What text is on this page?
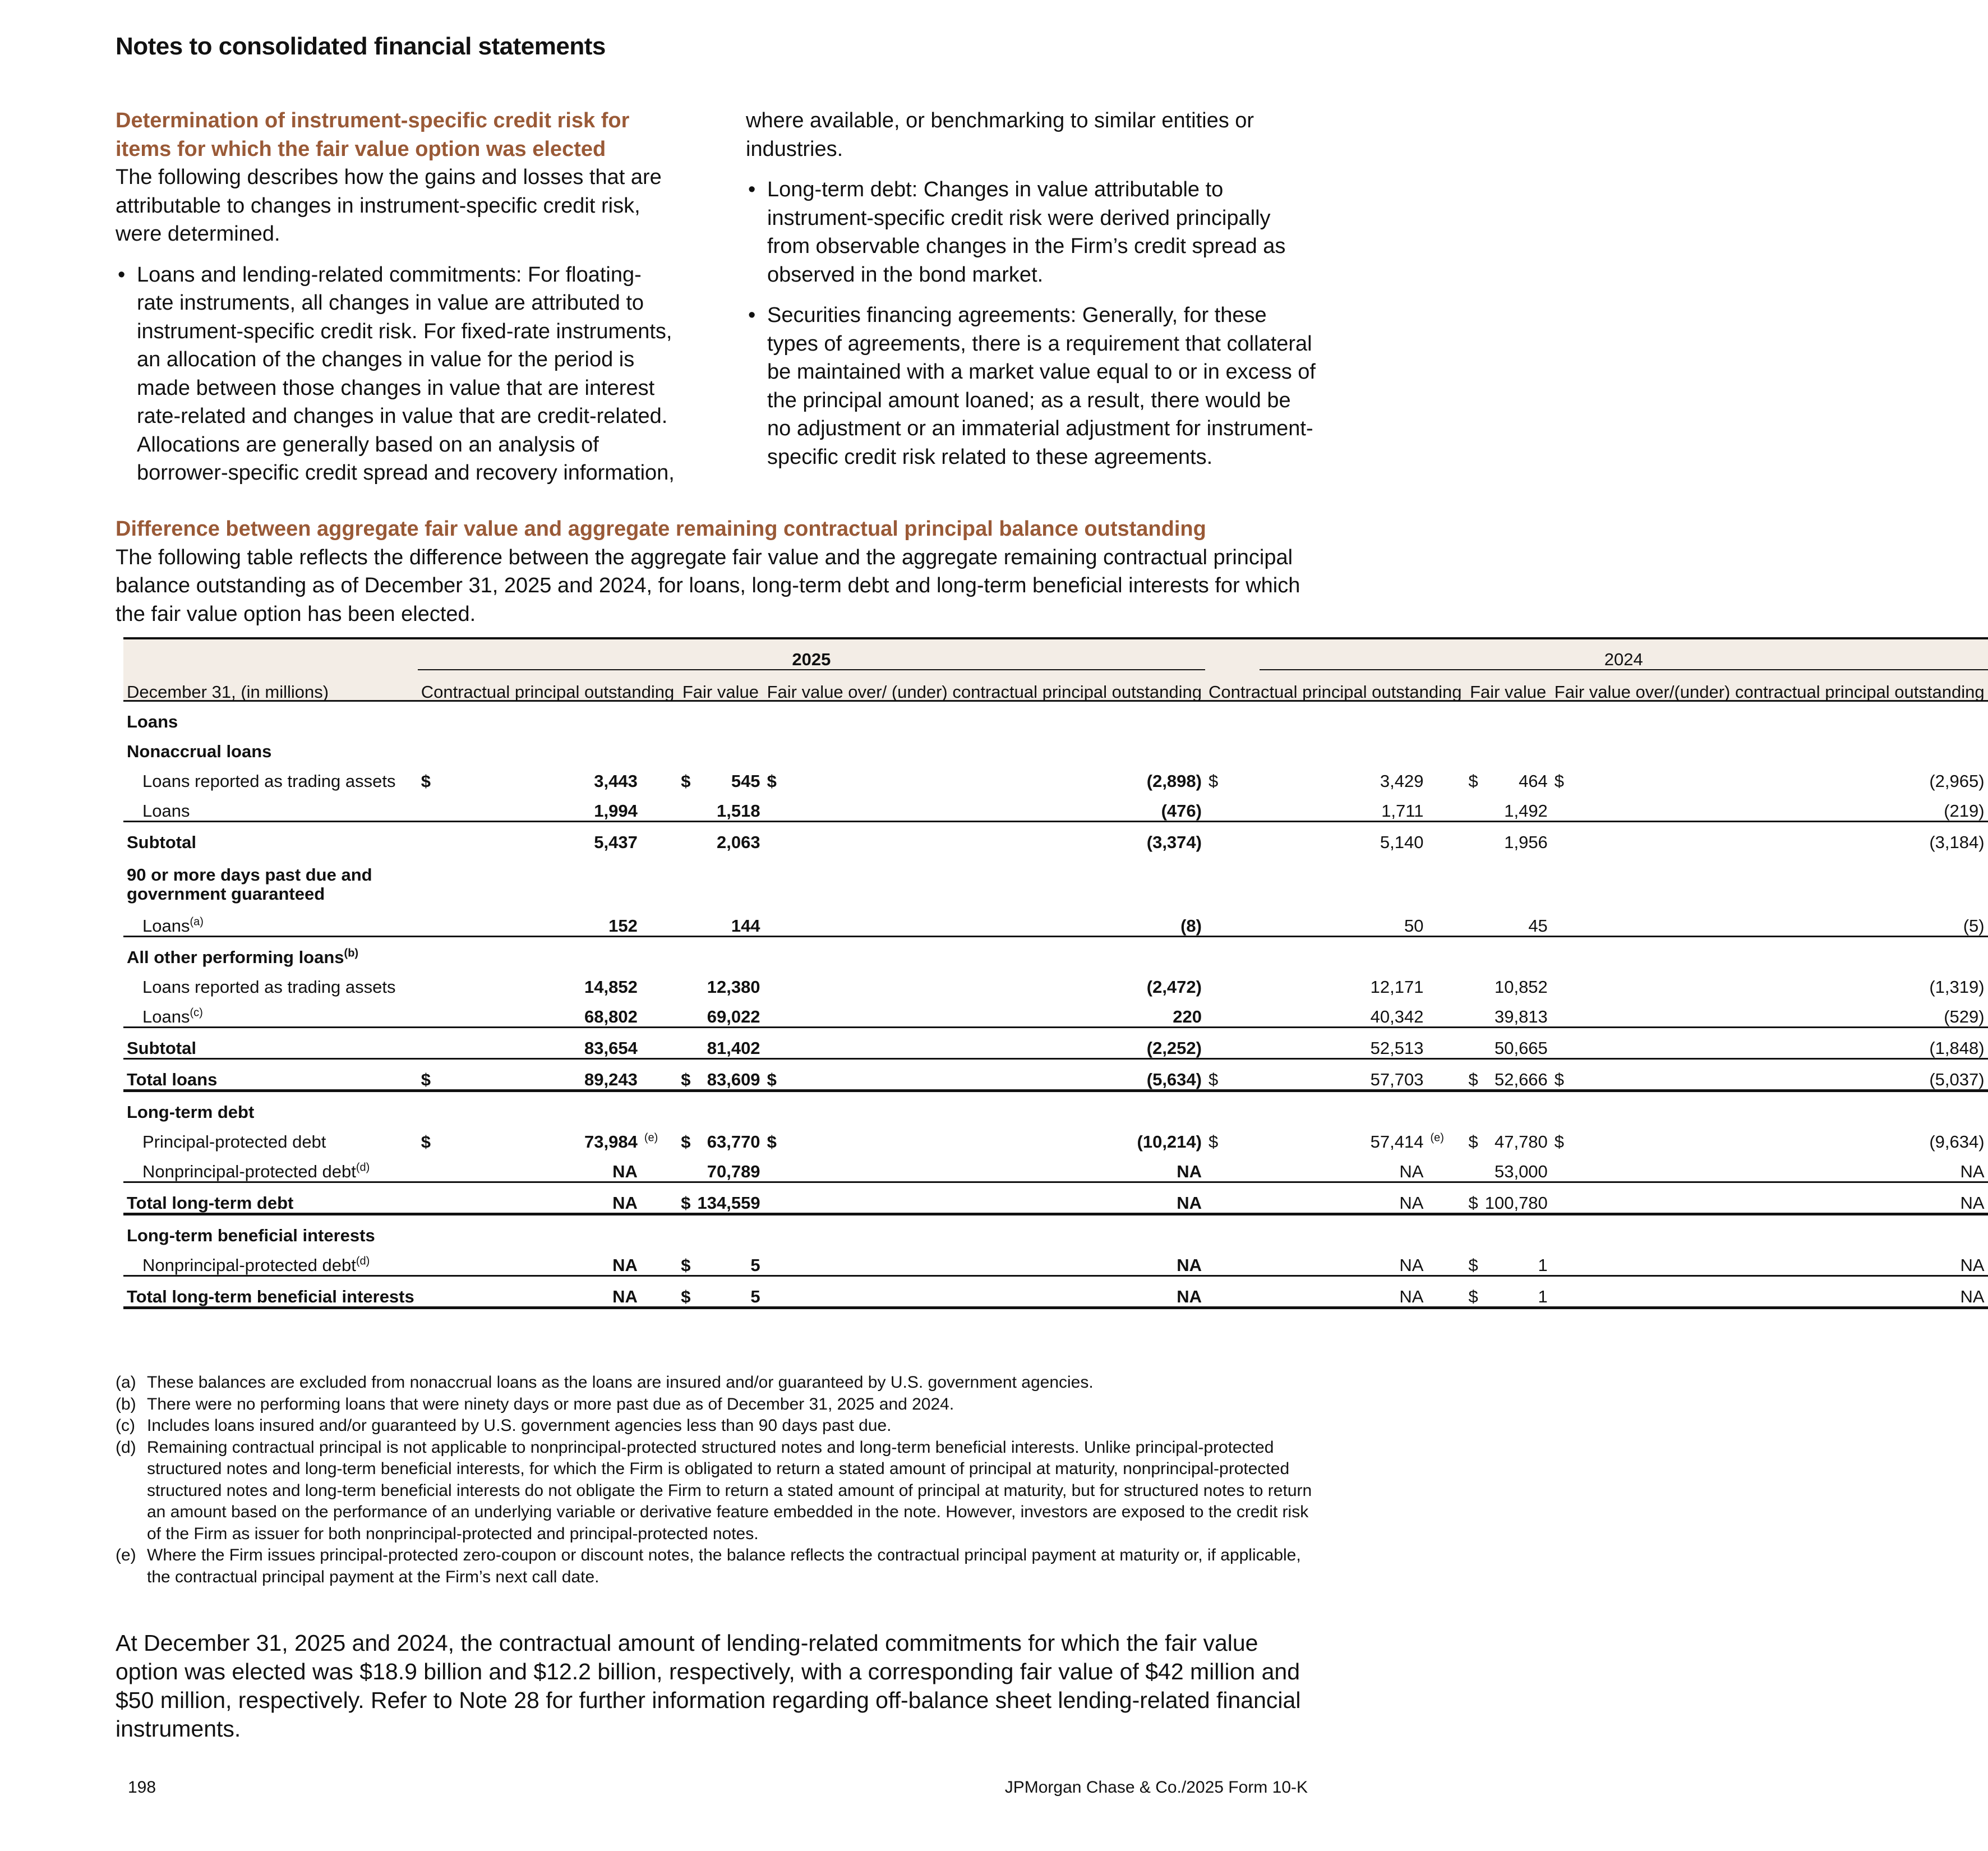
Notes to consolidated financial statements
Determination of instrument-specific credit risk for items for which the fair value option was elected

The following describes how the gains and losses that are attributable to changes in instrument-specific credit risk, were determined.

• Loans and lending-related commitments: For floating-rate instruments, all changes in value are attributed to instrument-specific credit risk. For fixed-rate instruments, an allocation of the changes in value for the period is made between those changes in value that are interest rate-related and changes in value that are credit-related. Allocations are generally based on an analysis of borrower-specific credit spread and recovery information,

where available, or benchmarking to similar entities or industries.

• Long-term debt: Changes in value attributable to instrument-specific credit risk were derived principally from observable changes in the Firm’s credit spread as observed in the bond market.
• Securities financing agreements: Generally, for these types of agreements, there is a requirement that collateral be maintained with a market value equal to or in excess of the principal amount loaned; as a result, there would be no adjustment or an immaterial adjustment for instrument-specific credit risk related to these agreements.
Difference between aggregate fair value and aggregate remaining contractual principal balance outstanding

The following table reflects the difference between the aggregate fair value and the aggregate remaining contractual principal balance outstanding as of December 31, 2025 and 2024, for loans, long-term debt and long-term beneficial interests for which the fair value option has been elected.

	2025								2024					
December 31, (in millions)	Contractual principal outstanding			Fair value		Fair value over/ (under) contractual principal outstanding		Contractual principal outstanding			Fair value		Fair value over/(under) contractual principal outstanding	
Loans														
Nonaccrual loans														
Loans reported as trading assets	$	3,443		$	545	$	(2,898)	$	3,429		$	464	$	(2,965)
Loans		1,994			1,518		(476)		1,711			1,492		(219)
Subtotal		5,437			2,063		(3,374)		5,140			1,956		(3,184)
90 or more days past due and government guaranteed														
Loans$^{(a)}$		152			144		(8)		50			45		(5)
All other performing loans$^{(b)}$
Loans reported as trading assets		14,852			12,380		(2,472)		12,171			10,852		(1,319)
Loans$^{(c)}$		68,802			69,022		220		40,342			39,813		(529)
Subtotal		83,654			81,402		(2,252)		52,513			50,665		(1,848)
Total loans	$	89,243		$	83,609	$	(5,634)	$	57,703		$	52,666	$	(5,037)
Long-term debt														
Principal-protected debt	$	73,984	$^{(e)}$	$	63,770	$	(10,214)	$	57,414	$^{(e)}$	$	47,780	$	(9,634)
Nonprincipal-protected debt$^{(d)}$		NA			70,789		NA		NA			53,000		NA
Total long-term debt		NA		$	134,559		NA		NA		$	100,780		NA
Long-term beneficial interests														
Nonprincipal-protected debt$^{(d)}$		NA		$	5		NA		NA		$	1		NA
Total long-term beneficial interests		NA		$	5		NA		NA		$	1		NA
(a) These balances are excluded from nonaccrual loans as the loans are insured and/or guaranteed by U.S. government agencies.
(b) There were no performing loans that were ninety days or more past due as of December 31, 2025 and 2024.
(c) Includes loans insured and/or guaranteed by U.S. government agencies less than 90 days past due.
(d) Remaining contractual principal is not applicable to nonprincipal-protected structured notes and long-term beneficial interests. Unlike principal-protected structured notes and long-term beneficial interests, for which the Firm is obligated to return a stated amount of principal at maturity, nonprincipal-protected structured notes and long-term beneficial interests do not obligate the Firm to return a stated amount of principal at maturity, but for structured notes to return an amount based on the performance of an underlying variable or derivative feature embedded in the note. However, investors are exposed to the credit risk of the Firm as issuer for both nonprincipal-protected and principal-protected notes.
(e) Where the Firm issues principal-protected zero-coupon or discount notes, the balance reflects the contractual principal payment at maturity or, if applicable, the contractual principal payment at the Firm’s next call date.

At December 31, 2025 and 2024, the contractual amount of lending-related commitments for which the fair value option was elected was $18.9 billion and $12.2 billion, respectively, with a corresponding fair value of $42 million and $50 million, respectively. Refer to Note 28 for further information regarding off-balance sheet lending-related financial instruments.

198	JPMorgan Chase & Co./2025 Form 10-K
